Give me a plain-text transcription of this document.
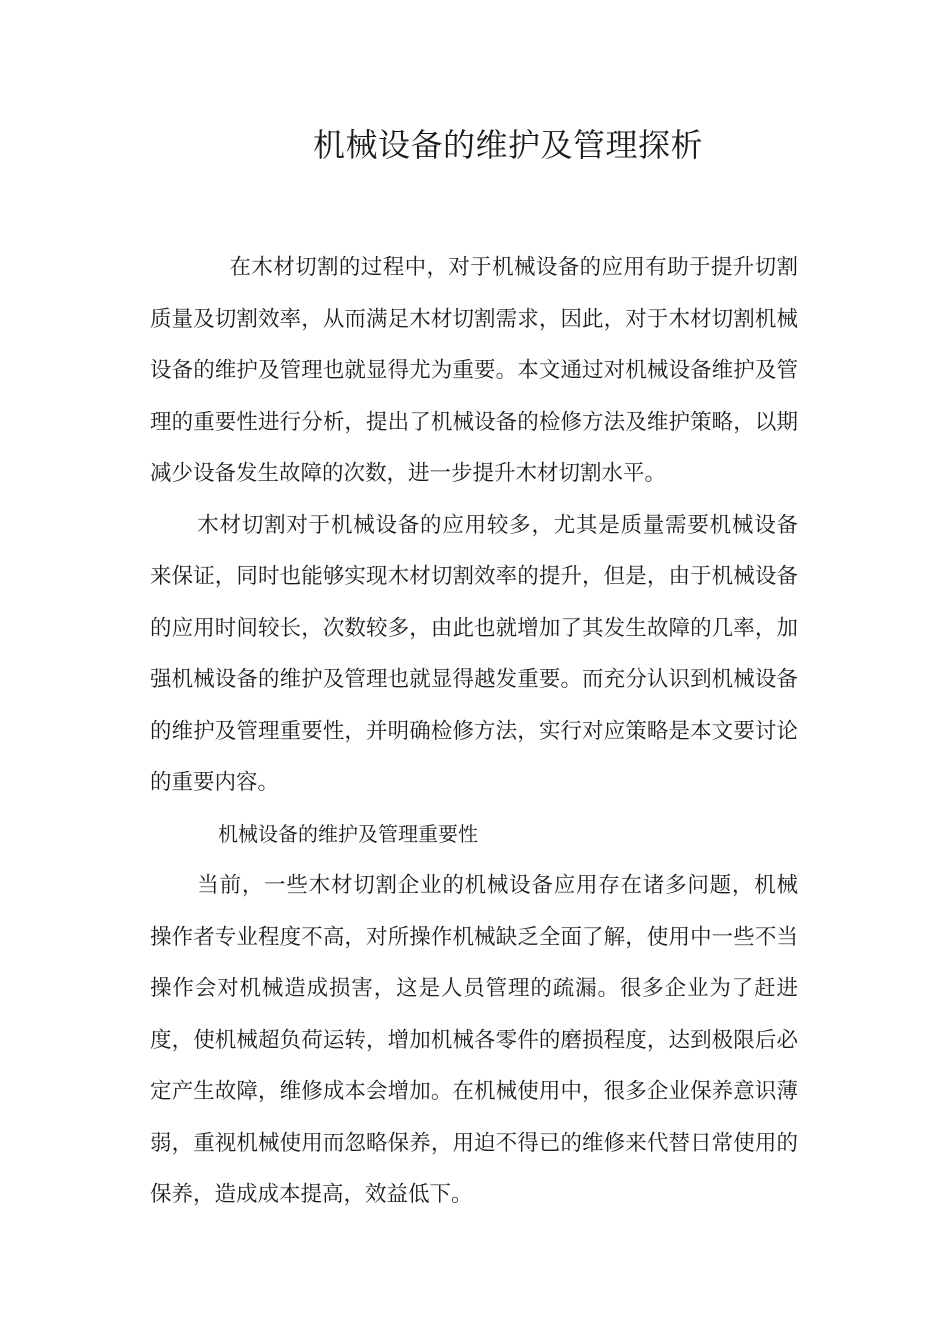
机械设备的维护及管理探析

在木材切割的过程中，对于机械设备的应用有助于提升切割质量及切割效率，从而满足木材切割需求，因此，对于木材切割机械设备的维护及管理也就显得尤为重要。本文通过对机械设备维护及管理的重要性进行分析，提出了机械设备的检修方法及维护策略，以期减少设备发生故障的次数，进一步提升木材切割水平。

木材切割对于机械设备的应用较多，尤其是质量需要机械设备来保证，同时也能够实现木材切割效率的提升，但是，由于机械设备的应用时间较长，次数较多，由此也就增加了其发生故障的几率，加强机械设备的维护及管理也就显得越发重要。而充分认识到机械设备的维护及管理重要性，并明确检修方法，实行对应策略是本文要讨论的重要内容。

机械设备的维护及管理重要性

当前，一些木材切割企业的机械设备应用存在诸多问题，机械操作者专业程度不高，对所操作机械缺乏全面了解，使用中一些不当操作会对机械造成损害，这是人员管理的疏漏。很多企业为了赶进度，使机械超负荷运转，增加机械各零件的磨损程度，达到极限后必定产生故障，维修成本会增加。在机械使用中，很多企业保养意识薄弱，重视机械使用而忽略保养，用迫不得已的维修来代替日常使用的保养，造成成本提高，效益低下。
